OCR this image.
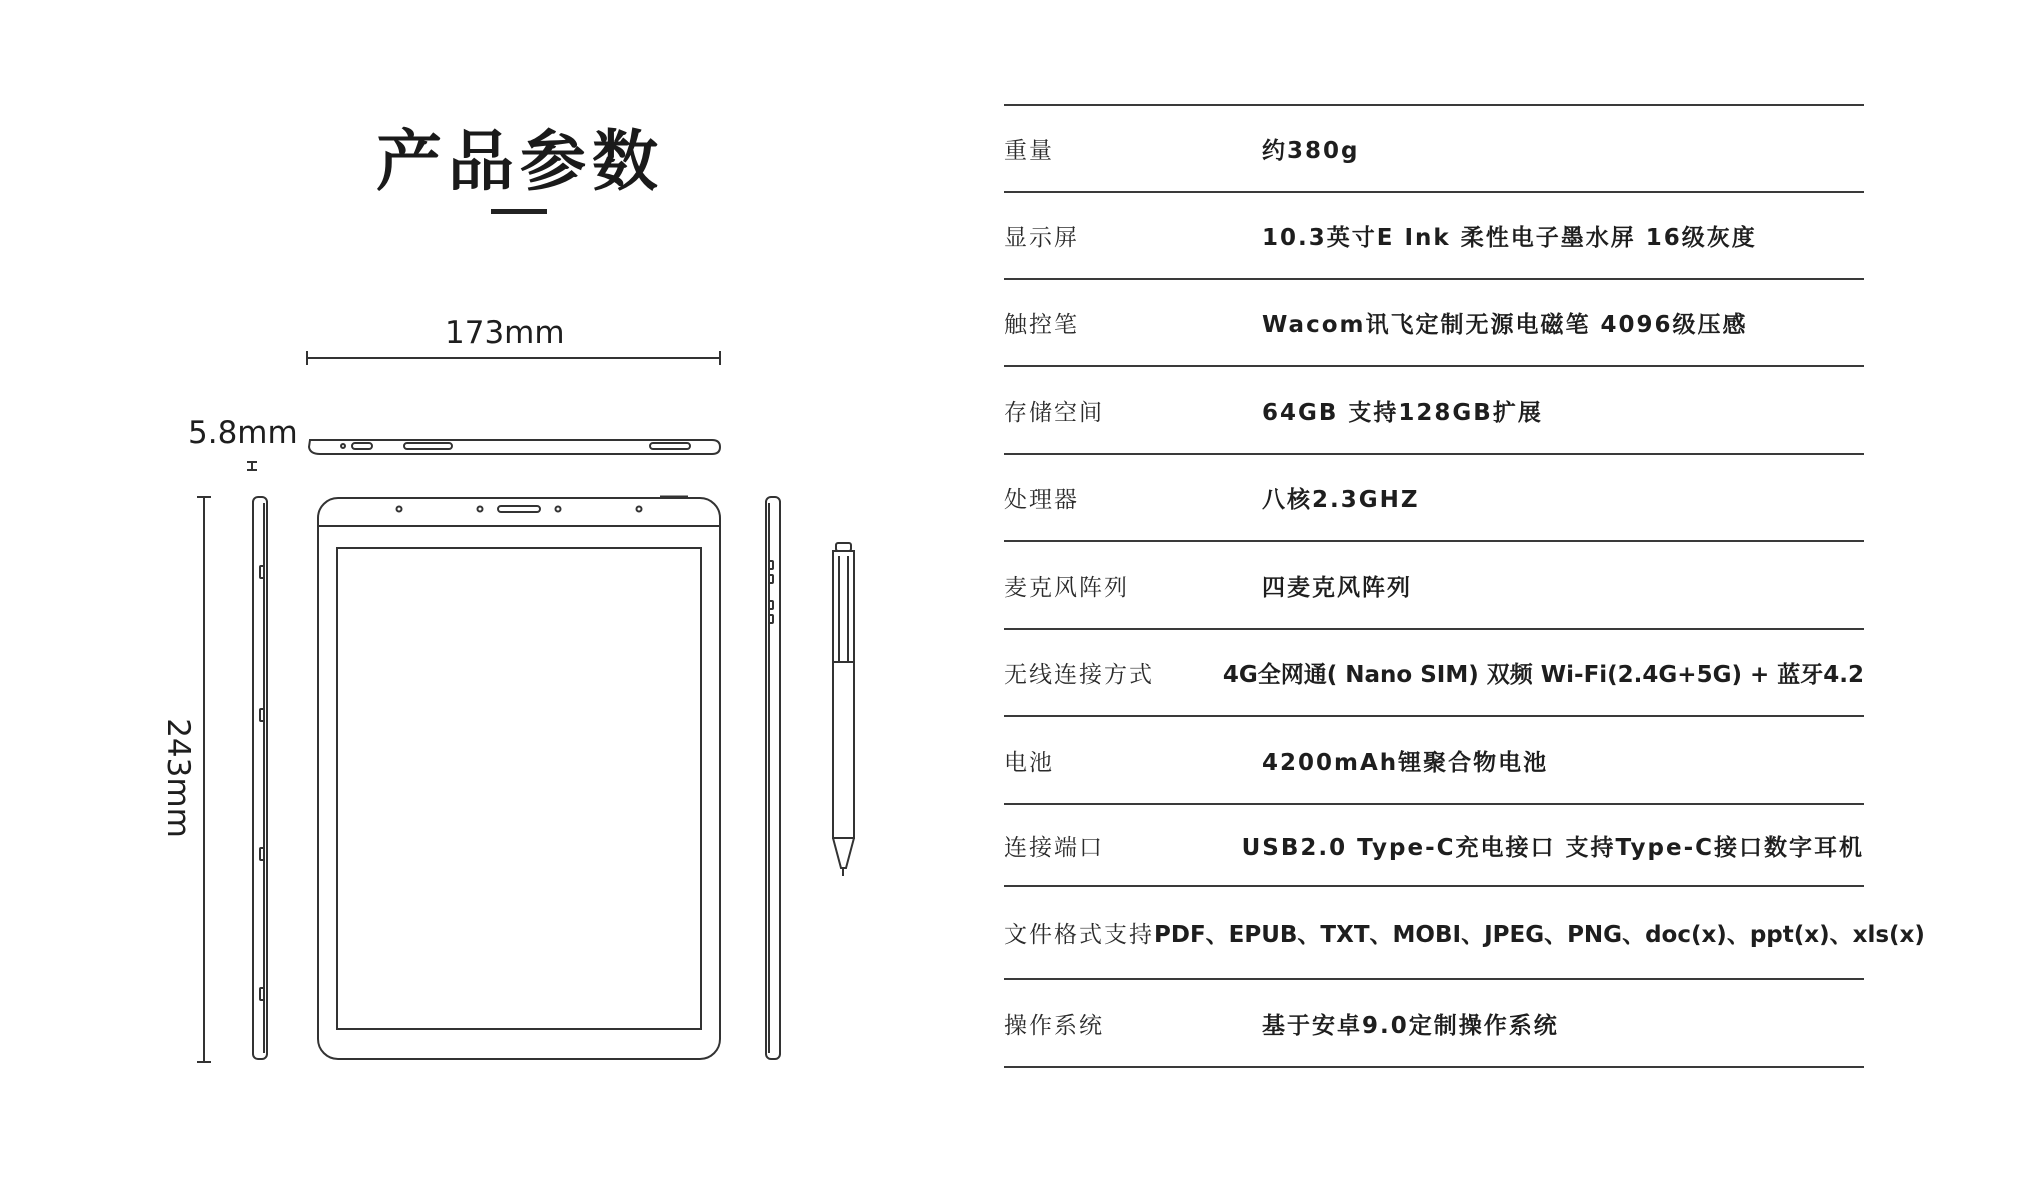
产品参数
173mm
5.8mm
243mm
重量	约380g
显示屏	10.3英寸E Ink 柔性电子墨水屏 16级灰度
触控笔	Wacom讯飞定制无源电磁笔 4096级压感
存储空间	64GB 支持128GB扩展
处理器	八核2.3GHZ
麦克风阵列	四麦克风阵列
无线连接方式	4G全网通( Nano SIM) 双频 Wi-Fi(2.4G+5G) + 蓝牙4.2
电池	4200mAh锂聚合物电池
连接端口	USB2.0 Type-C充电接口 支持Type-C接口数字耳机
文件格式支持 PDF、EPUB、TXT、MOBI、JPEG、PNG、doc(x)、ppt(x)、xls(x)
操作系统	基于安卓9.0定制操作系统
